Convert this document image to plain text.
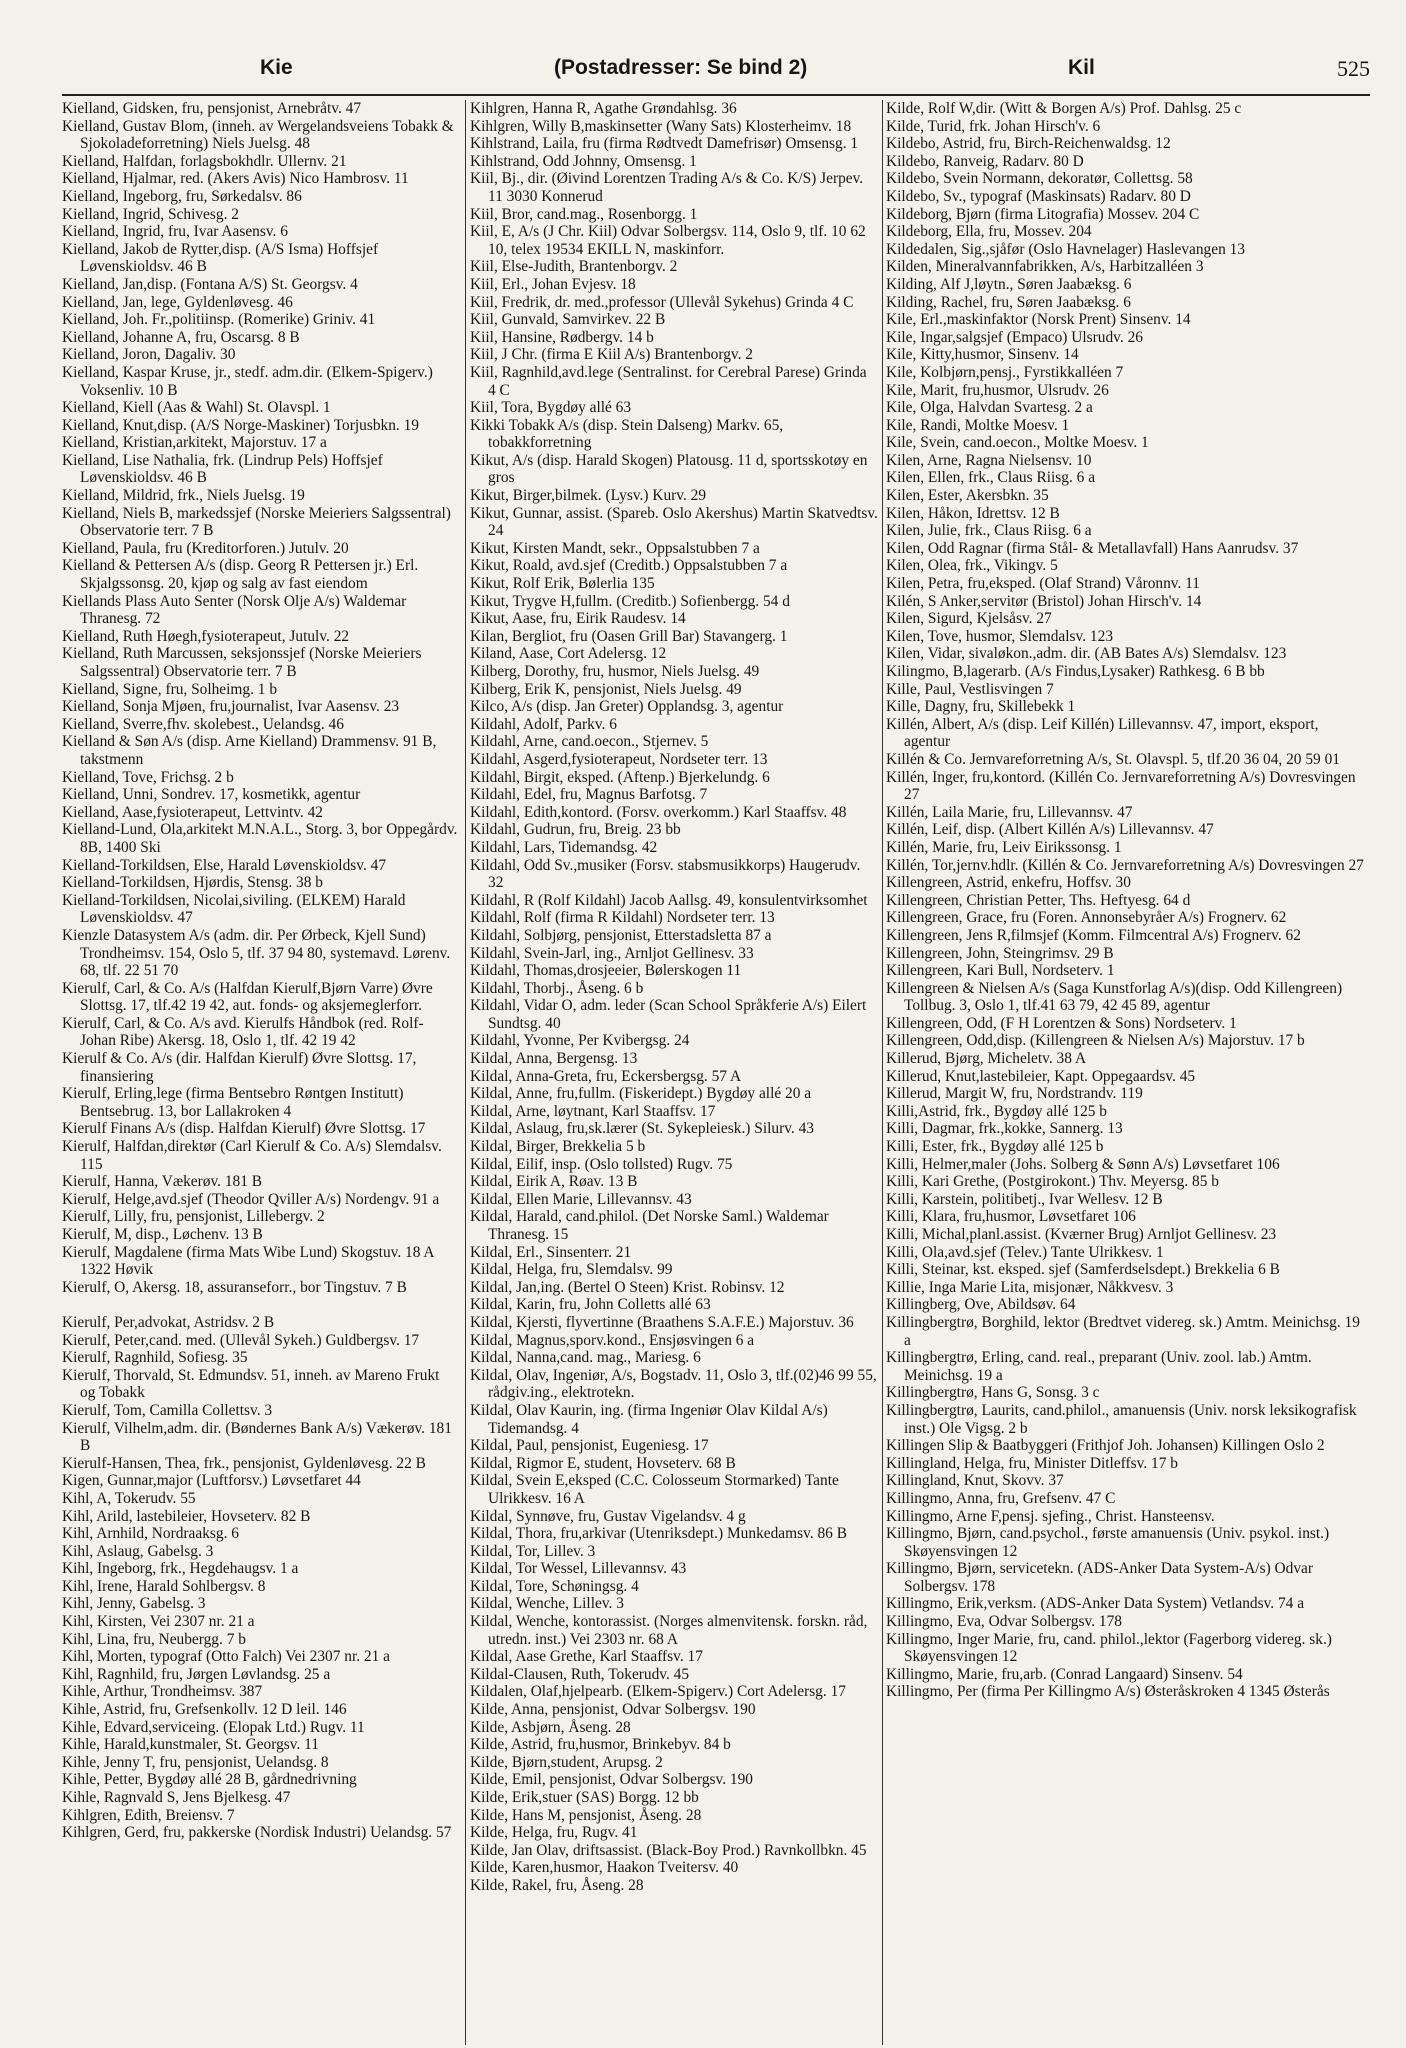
Kie	(Postadresser: Se bind 2)	Kil	525
Kielland, Gidsken, fru, pensjonist, Arnebråtv. 47
Kielland, Gustav Blom, (inneh. av Wergelandsveiens Tobakk & Sjokoladeforretning) Niels Juelsg. 48
Kielland, Halfdan, forlagsbokhdlr. Ullernv. 21
Kielland, Hjalmar, red. (Akers Avis) Nico Hambrosv. 11
Kielland, Ingeborg, fru, Sørkedalsv. 86
Kielland, Ingrid, Schivesg. 2
Kielland, Ingrid, fru, Ivar Aasensv. 6
Kielland, Jakob de Rytter,disp. (A/S Isma) Hoffsjef Løvenskioldsv. 46 B
Kielland, Jan,disp. (Fontana A/S) St. Georgsv. 4
Kielland, Jan, lege, Gyldenløvesg. 46
Kielland, Joh. Fr.,politiinsp. (Romerike) Griniv. 41
Kielland, Johanne A, fru, Oscarsg. 8 B
Kielland, Joron, Dagaliv. 30
Kielland, Kaspar Kruse, jr., stedf. adm.dir. (Elkem-Spigerv.) Voksenliv. 10 B
Kielland, Kiell (Aas & Wahl) St. Olavspl. 1
Kielland, Knut,disp. (A/S Norge-Maskiner) Torjusbkn. 19
Kielland, Kristian,arkitekt, Majorstuv. 17 a
Kielland, Lise Nathalia, frk. (Lindrup Pels) Hoffsjef Løvenskioldsv. 46 B
Kielland, Mildrid, frk., Niels Juelsg. 19
Kielland, Niels B, markedssjef (Norske Meieriers Salgssentral) Observatorie terr. 7 B
Kielland, Paula, fru (Kreditorforen.) Jutulv. 20
Kielland & Pettersen A/s (disp. Georg R Pettersen jr.) Erl. Skjalgssonsg. 20, kjøp og salg av fast eiendom
Kiellands Plass Auto Senter (Norsk Olje A/s) Waldemar Thranesg. 72
Kielland, Ruth Høegh,fysioterapeut, Jutulv. 22
Kielland, Ruth Marcussen, seksjonssjef (Norske Meieriers Salgssentral) Observatorie terr. 7 B
Kielland, Signe, fru, Solheimg. 1 b
Kielland, Sonja Mjøen, fru,journalist, Ivar Aasensv. 23
Kielland, Sverre,fhv. skolebest., Uelandsg. 46
Kielland & Søn A/s (disp. Arne Kielland) Drammensv. 91 B, takstmenn
Kielland, Tove, Frichsg. 2 b
Kielland, Unni, Sondrev. 17, kosmetikk, agentur
Kielland, Aase,fysioterapeut, Lettvintv. 42
Kielland-Lund, Ola,arkitekt M.N.A.L., Storg. 3, bor Oppegårdv. 8B, 1400 Ski
Kielland-Torkildsen, Else, Harald Løvenskioldsv. 47
Kielland-Torkildsen, Hjørdis, Stensg. 38 b
Kielland-Torkildsen, Nicolai,siviling. (ELKEM) Harald Løvenskioldsv. 47
Kienzle Datasystem A/s (adm. dir. Per Ørbeck, Kjell Sund) Trondheimsv. 154, Oslo 5, tlf. 37 94 80, systemavd. Lørenv. 68, tlf. 22 51 70
Kierulf, Carl, & Co. A/s (Halfdan Kierulf,Bjørn Varre) Øvre Slottsg. 17, tlf.42 19 42, aut. fonds- og aksjemeglerforr.
Kierulf, Carl, & Co. A/s avd. Kierulfs Håndbok (red. Rolf-Johan Ribe) Akersg. 18, Oslo 1, tlf. 42 19 42
Kierulf & Co. A/s (dir. Halfdan Kierulf) Øvre Slottsg. 17, finansiering
Kierulf, Erling,lege (firma Bentsebro Røntgen Institutt) Bentsebrug. 13, bor Lallakroken 4
Kierulf Finans A/s (disp. Halfdan Kierulf) Øvre Slottsg. 17
Kierulf, Halfdan,direktør (Carl Kierulf & Co. A/s) Slemdalsv. 115
Kierulf, Hanna, Vækerøv. 181 B
Kierulf, Helge,avd.sjef (Theodor Qviller A/s) Nordengv. 91 a
Kierulf, Lilly, fru, pensjonist, Lillebergv. 2
Kierulf, M, disp., Løchenv. 13 B
Kierulf, Magdalene (firma Mats Wibe Lund) Skogstuv. 18 A 1322 Høvik
Kierulf, O, Akersg. 18, assuranseforr., bor Tingstuv. 7 B

Kierulf, Per,advokat, Astridsv. 2 B
Kierulf, Peter,cand. med. (Ullevål Sykeh.) Guldbergsv. 17
Kierulf, Ragnhild, Sofiesg. 35
Kierulf, Thorvald, St. Edmundsv. 51, inneh. av Mareno Frukt og Tobakk
Kierulf, Tom, Camilla Collettsv. 3
Kierulf, Vilhelm,adm. dir. (Bøndernes Bank A/s) Vækerøv. 181 B
Kierulf-Hansen, Thea, frk., pensjonist, Gyldenløvesg. 22 B
Kigen, Gunnar,major (Luftforsv.) Løvsetfaret 44
Kihl, A, Tokerudv. 55
Kihl, Arild, lastebileier, Hovseterv. 82 B
Kihl, Arnhild, Nordraaksg. 6
Kihl, Aslaug, Gabelsg. 3
Kihl, Ingeborg, frk., Hegdehaugsv. 1 a
Kihl, Irene, Harald Sohlbergsv. 8
Kihl, Jenny, Gabelsg. 3
Kihl, Kirsten, Vei 2307 nr. 21 a
Kihl, Lina, fru, Neubergg. 7 b
Kihl, Morten, typograf (Otto Falch) Vei 2307 nr. 21 a
Kihl, Ragnhild, fru, Jørgen Løvlandsg. 25 a
Kihle, Arthur, Trondheimsv. 387
Kihle, Astrid, fru, Grefsenkollv. 12 D leil. 146
Kihle, Edvard,serviceing. (Elopak Ltd.) Rugv. 11
Kihle, Harald,kunstmaler, St. Georgsv. 11
Kihle, Jenny T, fru, pensjonist, Uelandsg. 8
Kihle, Petter, Bygdøy allé 28 B, gårdnedrivning
Kihle, Ragnvald S, Jens Bjelkesg. 47
Kihlgren, Edith, Breiensv. 7
Kihlgren, Gerd, fru, pakkerske (Nordisk Industri) Uelandsg. 57
Kihlgren, Hanna R, Agathe Grøndahlsg. 36
Kihlgren, Willy B,maskinsetter (Wany Sats) Klosterheimv. 18
Kihlstrand, Laila, fru (firma Rødtvedt Damefrisør) Omsensg. 1
Kihlstrand, Odd Johnny, Omsensg. 1
Kiil, Bj., dir. (Øivind Lorentzen Trading A/s & Co. K/S) Jerpev. 11 3030 Konnerud
Kiil, Bror, cand.mag., Rosenborgg. 1
Kiil, E, A/s (J Chr. Kiil) Odvar Solbergsv. 114, Oslo 9, tlf. 10 62 10, telex 19534 EKILL N, maskinforr.
Kiil, Else-Judith, Brantenborgv. 2
Kiil, Erl., Johan Evjesv. 18
Kiil, Fredrik, dr. med.,professor (Ullevål Sykehus) Grinda 4 C
Kiil, Gunvald, Samvirkev. 22 B
Kiil, Hansine, Rødbergv. 14 b
Kiil, J Chr. (firma E Kiil A/s) Brantenborgv. 2
Kiil, Ragnhild,avd.lege (Sentralinst. for Cerebral Parese) Grinda 4 C
Kiil, Tora, Bygdøy allé 63
Kikki Tobakk A/s (disp. Stein Dalseng) Markv. 65, tobakkforretning
Kikut, A/s (disp. Harald Skogen) Platousg. 11 d, sportsskotøy en gros
Kikut, Birger,bilmek. (Lysv.) Kurv. 29
Kikut, Gunnar, assist. (Spareb. Oslo Akershus) Martin Skatvedtsv. 24
Kikut, Kirsten Mandt, sekr., Oppsalstubben 7 a
Kikut, Roald, avd.sjef (Creditb.) Oppsalstubben 7 a
Kikut, Rolf Erik, Bølerlia 135
Kikut, Trygve H,fullm. (Creditb.) Sofienbergg. 54 d
Kikut, Aase, fru, Eirik Raudesv. 14
Kilan, Bergliot, fru (Oasen Grill Bar) Stavangerg. 1
Kiland, Aase, Cort Adelersg. 12
Kilberg, Dorothy, fru, husmor, Niels Juelsg. 49
Kilberg, Erik K, pensjonist, Niels Juelsg. 49
Kilco, A/s (disp. Jan Greter) Opplandsg. 3, agentur
Kildahl, Adolf, Parkv. 6
Kildahl, Arne, cand.oecon., Stjernev. 5
Kildahl, Asgerd,fysioterapeut, Nordseter terr. 13
Kildahl, Birgit, eksped. (Aftenp.) Bjerkelundg. 6
Kildahl, Edel, fru, Magnus Barfotsg. 7
Kildahl, Edith,kontord. (Forsv. overkomm.) Karl Staaffsv. 48
Kildahl, Gudrun, fru, Breig. 23 bb
Kildahl, Lars, Tidemandsg. 42
Kildahl, Odd Sv.,musiker (Forsv. stabsmusikkorps) Haugerudv. 32
Kildahl, R (Rolf Kildahl) Jacob Aallsg. 49, konsulentvirksomhet
Kildahl, Rolf (firma R Kildahl) Nordseter terr. 13
Kildahl, Solbjørg, pensjonist, Etterstadsletta 87 a
Kildahl, Svein-Jarl, ing., Arnljot Gellinesv. 33
Kildahl, Thomas,drosjeeier, Bølerskogen 11
Kildahl, Thorbj., Åseng. 6 b
Kildahl, Vidar O, adm. leder (Scan School Språkferie A/s) Eilert Sundtsg. 40
Kildahl, Yvonne, Per Kvibergsg. 24
Kildal, Anna, Bergensg. 13
Kildal, Anna-Greta, fru, Eckersbergsg. 57 A
Kildal, Anne, fru,fullm. (Fiskeridept.) Bygdøy allé 20 a
Kildal, Arne, løytnant, Karl Staaffsv. 17
Kildal, Aslaug, fru,sk.lærer (St. Sykepleiesk.) Silurv. 43
Kildal, Birger, Brekkelia 5 b
Kildal, Eilif, insp. (Oslo tollsted) Rugv. 75
Kildal, Eirik A, Røav. 13 B
Kildal, Ellen Marie, Lillevannsv. 43
Kildal, Harald, cand.philol. (Det Norske Saml.) Waldemar Thranesg. 15
Kildal, Erl., Sinsenterr. 21
Kildal, Helga, fru, Slemdalsv. 99
Kildal, Jan,ing. (Bertel O Steen) Krist. Robinsv. 12
Kildal, Karin, fru, John Colletts allé 63
Kildal, Kjersti, flyvertinne (Braathens S.A.F.E.) Majorstuv. 36
Kildal, Magnus,sporv.kond., Ensjøsvingen 6 a
Kildal, Nanna,cand. mag., Mariesg. 6
Kildal, Olav, Ingeniør, A/s, Bogstadv. 11, Oslo 3, tlf.(02)46 99 55, rådgiv.ing., elektrotekn.
Kildal, Olav Kaurin, ing. (firma Ingeniør Olav Kildal A/s) Tidemandsg. 4
Kildal, Paul, pensjonist, Eugeniesg. 17
Kildal, Rigmor E, student, Hovseterv. 68 B
Kildal, Svein E,eksped (C.C. Colosseum Stormarked) Tante Ulrikkesv. 16 A
Kildal, Synnøve, fru, Gustav Vigelandsv. 4 g
Kildal, Thora, fru,arkivar (Utenriksdept.) Munkedamsv. 86 B
Kildal, Tor, Lillev. 3
Kildal, Tor Wessel, Lillevannsv. 43
Kildal, Tore, Schøningsg. 4
Kildal, Wenche, Lillev. 3
Kildal, Wenche, kontorassist. (Norges almenvitensk. forskn. råd, utredn. inst.) Vei 2303 nr. 68 A
Kildal, Aase Grethe, Karl Staaffsv. 17
Kildal-Clausen, Ruth, Tokerudv. 45
Kildalen, Olaf,hjelpearb. (Elkem-Spigerv.) Cort Adelersg. 17
Kilde, Anna, pensjonist, Odvar Solbergsv. 190
Kilde, Asbjørn, Åseng. 28
Kilde, Astrid, fru,husmor, Brinkebyv. 84 b
Kilde, Bjørn,student, Arupsg. 2
Kilde, Emil, pensjonist, Odvar Solbergsv. 190
Kilde, Erik,stuer (SAS) Borgg. 12 bb
Kilde, Hans M, pensjonist, Åseng. 28
Kilde, Helga, fru, Rugv. 41
Kilde, Jan Olav, driftsassist. (Black-Boy Prod.) Ravnkollbkn. 45
Kilde, Karen,husmor, Haakon Tveitersv. 40
Kilde, Rakel, fru, Åseng. 28
Kilde, Rolf W,dir. (Witt & Borgen A/s) Prof. Dahlsg. 25 c
Kilde, Turid, frk. Johan Hirsch'v. 6
Kildebo, Astrid, fru, Birch-Reichenwaldsg. 12
Kildebo, Ranveig, Radarv. 80 D
Kildebo, Svein Normann, dekoratør, Collettsg. 58
Kildebo, Sv., typograf (Maskinsats) Radarv. 80 D
Kildeborg, Bjørn (firma Litografia) Mossev. 204 C
Kildeborg, Ella, fru, Mossev. 204
Kildedalen, Sig.,sjåfør (Oslo Havnelager) Haslevangen 13
Kilden, Mineralvannfabrikken, A/s, Harbitzalléen 3
Kilding, Alf J,løytn., Søren Jaabæksg. 6
Kilding, Rachel, fru, Søren Jaabæksg. 6
Kile, Erl.,maskinfaktor (Norsk Prent) Sinsenv. 14
Kile, Ingar,salgsjef (Empaco) Ulsrudv. 26
Kile, Kitty,husmor, Sinsenv. 14
Kile, Kolbjørn,pensj., Fyrstikkalléen 7
Kile, Marit, fru,husmor, Ulsrudv. 26
Kile, Olga, Halvdan Svartesg. 2 a
Kile, Randi, Moltke Moesv. 1
Kile, Svein, cand.oecon., Moltke Moesv. 1
Kilen, Arne, Ragna Nielsensv. 10
Kilen, Ellen, frk., Claus Riisg. 6 a
Kilen, Ester, Akersbkn. 35
Kilen, Håkon, Idrettsv. 12 B
Kilen, Julie, frk., Claus Riisg. 6 a
Kilen, Odd Ragnar (firma Stål- & Metallavfall) Hans Aanrudsv. 37
Kilen, Olea, frk., Vikingv. 5
Kilen, Petra, fru,eksped. (Olaf Strand) Våronnv. 11
Kilén, S Anker,servitør (Bristol) Johan Hirsch'v. 14
Kilen, Sigurd, Kjelsåsv. 27
Kilen, Tove, husmor, Slemdalsv. 123
Kilen, Vidar, sivaløkon.,adm. dir. (AB Bates A/s) Slemdalsv. 123
Kilingmo, B,lagerarb. (A/s Findus,Lysaker) Rathkesg. 6 B bb
Kille, Paul, Vestlisvingen 7
Kille, Dagny, fru, Skillebekk 1
Killén, Albert, A/s (disp. Leif Killén) Lillevannsv. 47, import, eksport, agentur
Killén & Co. Jernvareforretning A/s, St. Olavspl. 5, tlf.20 36 04, 20 59 01
Killén, Inger, fru,kontord. (Killén Co. Jernvareforretning A/s) Dovresvingen 27
Killén, Laila Marie, fru, Lillevannsv. 47
Killén, Leif, disp. (Albert Killén A/s) Lillevannsv. 47
Killén, Marie, fru, Leiv Eirikssonsg. 1
Killén, Tor,jernv.hdlr. (Killén & Co. Jernvareforretning A/s) Dovresvingen 27
Killengreen, Astrid, enkefru, Hoffsv. 30
Killengreen, Christian Petter, Ths. Heftyesg. 64 d
Killengreen, Grace, fru (Foren. Annonsebyråer A/s) Frognerv. 62
Killengreen, Jens R,filmsjef (Komm. Filmcentral A/s) Frognerv. 62
Killengreen, John, Steingrimsv. 29 B
Killengreen, Kari Bull, Nordseterv. 1
Killengreen & Nielsen A/s (Saga Kunstforlag A/s)(disp. Odd Killengreen) Tollbug. 3, Oslo 1, tlf.41 63 79, 42 45 89, agentur
Killengreen, Odd, (F H Lorentzen & Sons) Nordseterv. 1
Killengreen, Odd,disp. (Killengreen & Nielsen A/s) Majorstuv. 17 b
Killerud, Bjørg, Micheletv. 38 A
Killerud, Knut,lastebileier, Kapt. Oppegaardsv. 45
Killerud, Margit W, fru, Nordstrandv. 119
Killi,Astrid, frk., Bygdøy allé 125 b
Killi, Dagmar, frk.,kokke, Sannerg. 13
Killi, Ester, frk., Bygdøy allé 125 b
Killi, Helmer,maler (Johs. Solberg & Sønn A/s) Løvsetfaret 106
Killi, Kari Grethe, (Postgirokont.) Thv. Meyersg. 85 b
Killi, Karstein, politibetj., Ivar Wellesv. 12 B
Killi, Klara, fru,husmor, Løvsetfaret 106
Killi, Michal,planl.assist. (Kværner Brug) Arnljot Gellinesv. 23
Killi, Ola,avd.sjef (Telev.) Tante Ulrikkesv. 1
Killi, Steinar, kst. eksped. sjef (Samferdselsdept.) Brekkelia 6 B
Killie, Inga Marie Lita, misjonær, Nåkkvesv. 3
Killingberg, Ove, Abildsøv. 64
Killingbergtrø, Borghild, lektor (Bredtvet videreg. sk.) Amtm. Meinichsg. 19 a
Killingbergtrø, Erling, cand. real., preparant (Univ. zool. lab.) Amtm. Meinichsg. 19 a
Killingbergtrø, Hans G, Sonsg. 3 c
Killingbergtrø, Laurits, cand.philol., amanuensis (Univ. norsk leksikografisk inst.) Ole Vigsg. 2 b
Killingen Slip & Baatbyggeri (Frithjof Joh. Johansen) Killingen Oslo 2
Killingland, Helga, fru, Minister Ditleffsv. 17 b
Killingland, Knut, Skovv. 37
Killingmo, Anna, fru, Grefsenv. 47 C
Killingmo, Arne F,pensj. sjefing., Christ. Hansteensv.
Killingmo, Bjørn, cand.psychol., første amanuensis (Univ. psykol. inst.) Skøyensvingen 12
Killingmo, Bjørn, servicetekn. (ADS-Anker Data System-A/s) Odvar Solbergsv. 178
Killingmo, Erik,verksm. (ADS-Anker Data System) Vetlandsv. 74 a
Killingmo, Eva, Odvar Solbergsv. 178
Killingmo, Inger Marie, fru, cand. philol.,lektor (Fagerborg videreg. sk.) Skøyensvingen 12
Killingmo, Marie, fru,arb. (Conrad Langaard) Sinsenv. 54
Killingmo, Per (firma Per Killingmo A/s) Østeråskroken 4 1345 Østerås
